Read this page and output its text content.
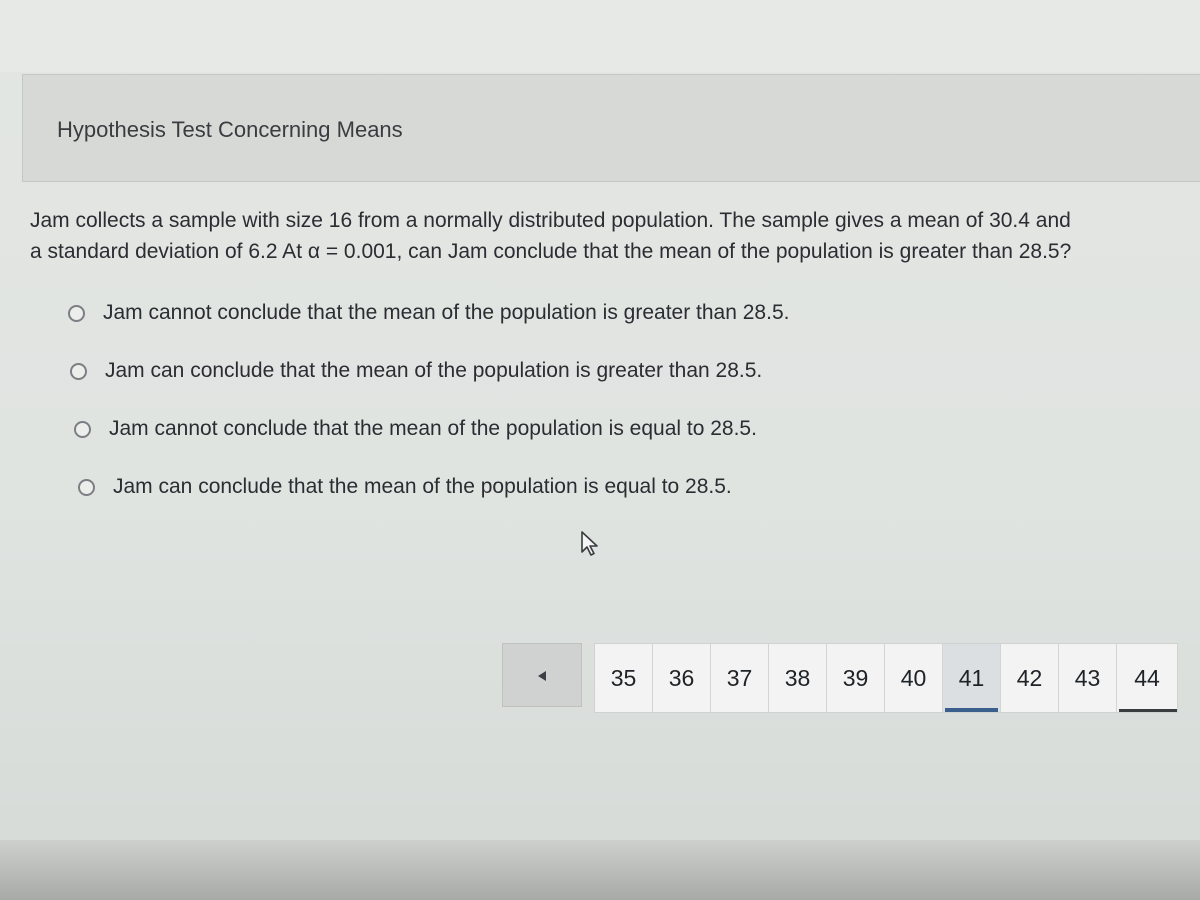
Hypothesis Test Concerning Means

Jam collects a sample with size 16 from a normally distributed population. The sample gives a mean of 30.4 and

a standard deviation of 6.2 At α = 0.001, can Jam conclude that the mean of the population is greater than 28.5?

Jam cannot conclude that the mean of the population is greater than 28.5.
Jam can conclude that the mean of the population is greater than 28.5.
Jam cannot conclude that the mean of the population is equal to 28.5.
Jam can conclude that the mean of the population is equal to 28.5.
35	36	37	38	39	40	41	42	43	44
